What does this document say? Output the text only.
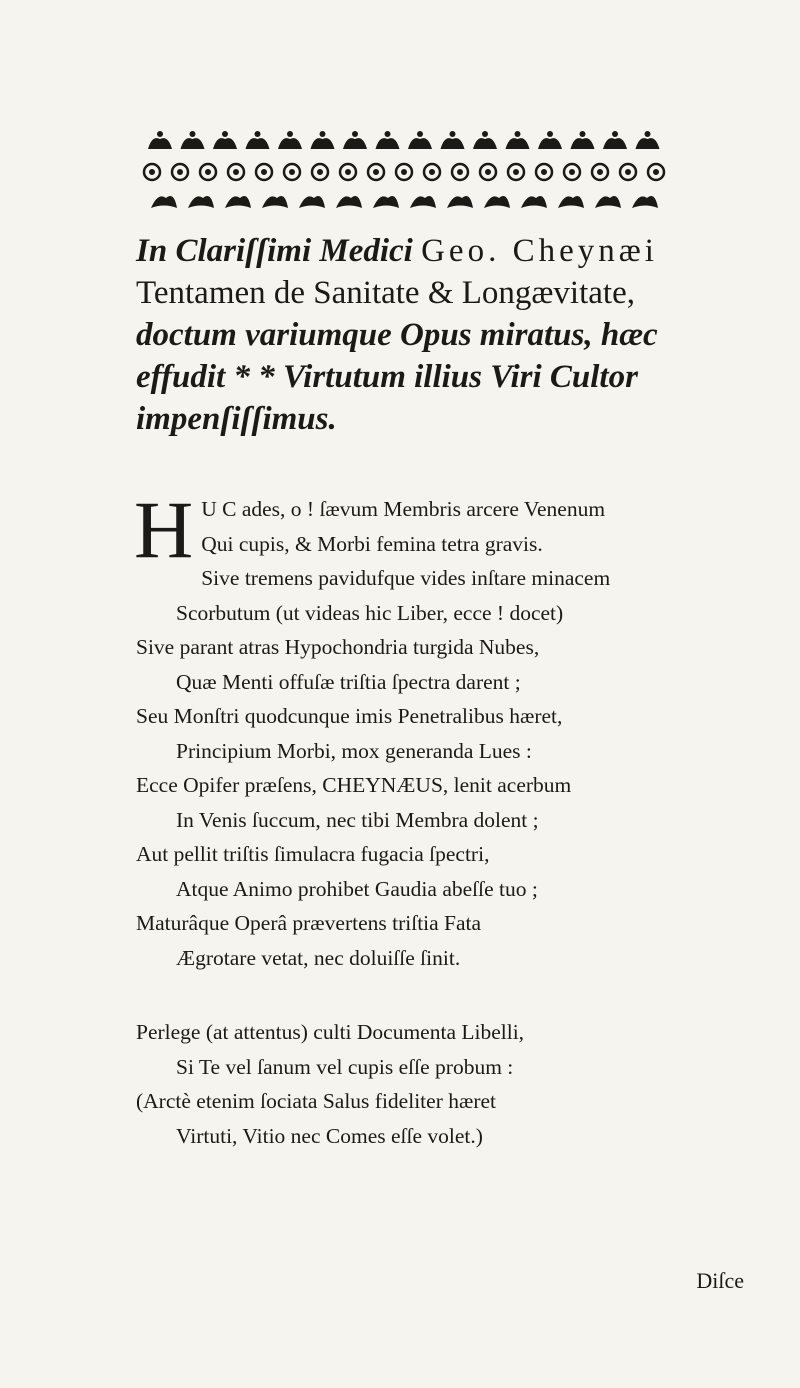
In Clariſſimi Medici Geo. Cheynæi
Tentamen de Sanitate & Longævitate,
doctum variumque Opus miratus, hæc
effudit * * Virtutum illius Viri Cultor
impenſiſſimus.
H U C ades, o ! ſævum Membris arcere Venenum
Qui cupis, & Morbi femina tetra gravis.
Sive tremens pavidufque vides inſtare minacem
Scorbutum (ut videas hic Liber, ecce ! docet)
Sive parant atras Hypochondria turgida Nubes,
Quæ Menti offuſæ triſtia ſpectra darent ;
Seu Monſtri quodcunque imis Penetralibus hæret,
Principium Morbi, mox generanda Lues :
Ecce Opifer præſens, CHEYNÆUS, lenit acerbum
In Venis ſuccum, nec tibi Membra dolent ;
Aut pellit triſtis ſimulacra fugacia ſpectri,
Atque Animo prohibet Gaudia abeſſe tuo ;
Maturâque Operâ prævertens triſtia Fata
Ægrotare vetat, nec doluiſſe ſinit.
Perlege (at attentus) culti Documenta Libelli,
Si Te vel ſanum vel cupis eſſe probum :
(Arctè etenim ſociata Salus fideliter hæret
Virtuti, Vitio nec Comes eſſe volet.)
Diſce
